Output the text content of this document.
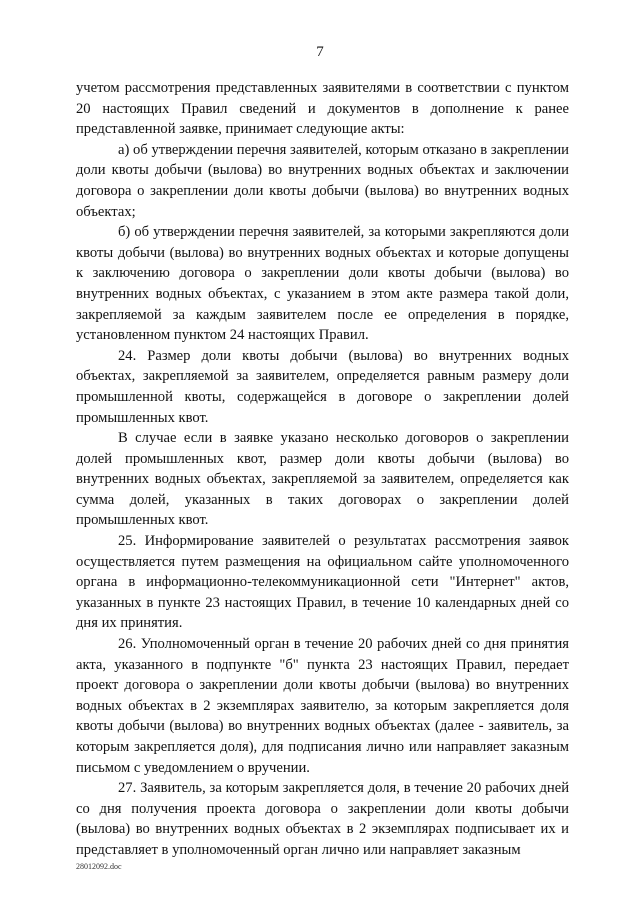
7

учетом рассмотрения представленных заявителями в соответствии с пунктом 20 настоящих Правил сведений и документов в дополнение к ранее представленной заявке, принимает следующие акты:

а) об утверждении перечня заявителей, которым отказано в закреплении доли квоты добычи (вылова) во внутренних водных объектах и заключении договора о закреплении доли квоты добычи (вылова) во внутренних водных объектах;

б) об утверждении перечня заявителей, за которыми закрепляются доли квоты добычи (вылова) во внутренних водных объектах и которые допущены к заключению договора о закреплении доли квоты добычи (вылова) во внутренних водных объектах, с указанием в этом акте размера такой доли, закрепляемой за каждым заявителем после ее определения в порядке, установленном пунктом 24 настоящих Правил.

24. Размер доли квоты добычи (вылова) во внутренних водных объектах, закрепляемой за заявителем, определяется равным размеру доли промышленной квоты, содержащейся в договоре о закреплении долей промышленных квот.

В случае если в заявке указано несколько договоров о закреплении долей промышленных квот, размер доли квоты добычи (вылова) во внутренних водных объектах, закрепляемой за заявителем, определяется как сумма долей, указанных в таких договорах о закреплении долей промышленных квот.

25. Информирование заявителей о результатах рассмотрения заявок осуществляется путем размещения на официальном сайте уполномоченного органа в информационно-телекоммуникационной сети "Интернет" актов, указанных в пункте 23 настоящих Правил, в течение 10 календарных дней со дня их принятия.

26. Уполномоченный орган в течение 20 рабочих дней со дня принятия акта, указанного в подпункте "б" пункта 23 настоящих Правил, передает проект договора о закреплении доли квоты добычи (вылова) во внутренних водных объектах в 2 экземплярах заявителю, за которым закрепляется доля квоты добычи (вылова) во внутренних водных объектах (далее - заявитель, за которым закрепляется доля), для подписания лично или направляет заказным письмом с уведомлением о вручении.

27. Заявитель, за которым закрепляется доля, в течение 20 рабочих дней со дня получения проекта договора о закреплении доли квоты добычи (вылова) во внутренних водных объектах в 2 экземплярах подписывает их и представляет в уполномоченный орган лично или направляет заказным

28012092.doc
